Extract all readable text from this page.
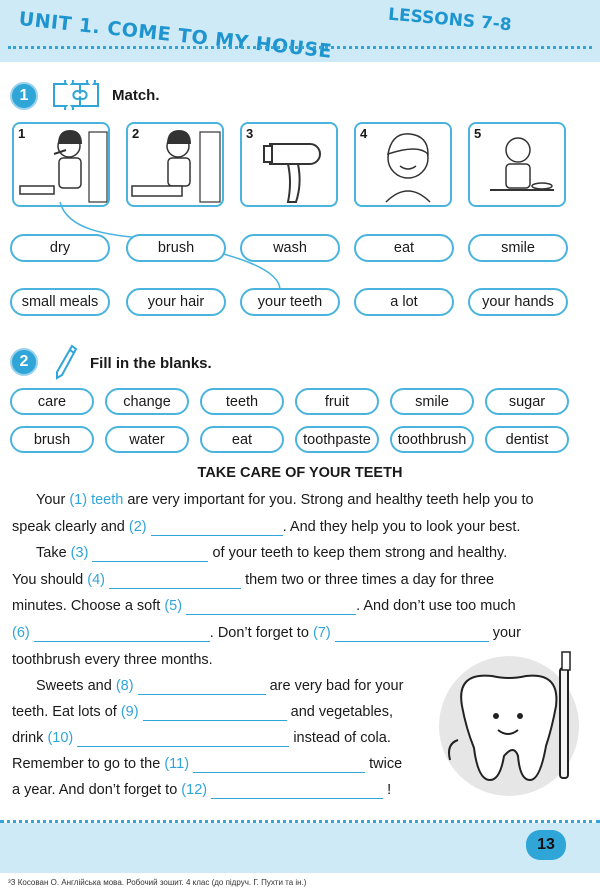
UNIT 1. COME TO MY HOUSE	LESSONS 7-8
1	Match.
1	2	3	4	5
dry	brush	wash	eat	smile
small meals	your hair	your teeth	a lot	your hands
2	Fill in the blanks.
care	change	teeth	fruit	smile	sugar
brush	water	eat	toothpaste	toothbrush	dentist
TAKE CARE OF YOUR TEETH
Your (1) teeth are very important for you. Strong and healthy teeth help you to
speak clearly and (2)	. And they help you to look your best.
Take (3)	of your teeth to keep them strong and healthy.
You should (4)	them two or three times a day for three
minutes. Choose a soft (5)	. And don’t use too much
(6)	. Don’t forget to (7)	your
toothbrush every three months.
Sweets and (8)	are very bad for your
teeth. Eat lots of (9)	and vegetables,
drink (10)	instead of cola.
Remember to go to the (11)	twice
a year. And don’t forget to (12)	!
13
³З Косован О. Англійська мова. Робочий зошит. 4 клас (до підруч. Г. Пухти та ін.)
